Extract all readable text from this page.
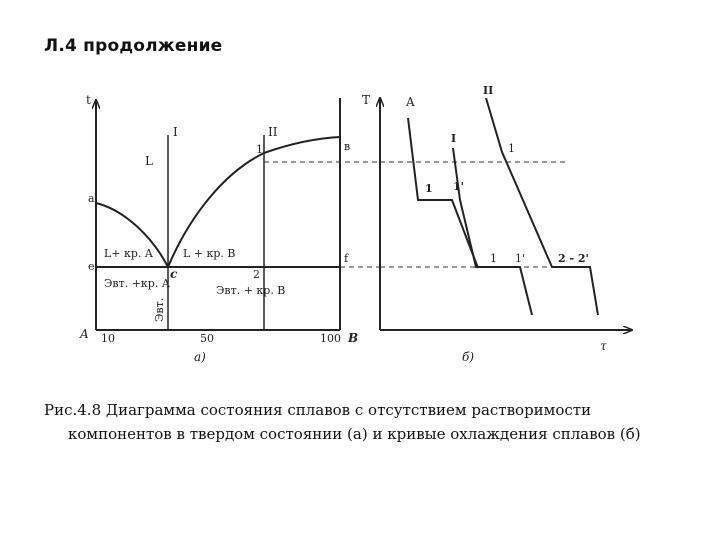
Л.4 продолжение
t
A	B
10	50	100
I	II
a
в
c
e
f
1
2
L
L+ кр. A	L + кр. B
Эвт. +кр. A
Эвт. + кр. B
Эвт.
а)
T
τ
A
I
II
1 1'
1 1'
1
2 - 2'
б)
Рис.4.8 Диаграмма состояния сплавов с отсутствием растворимости
компонентов в твердом состоянии (а) и кривые охлаждения сплавов (б)
